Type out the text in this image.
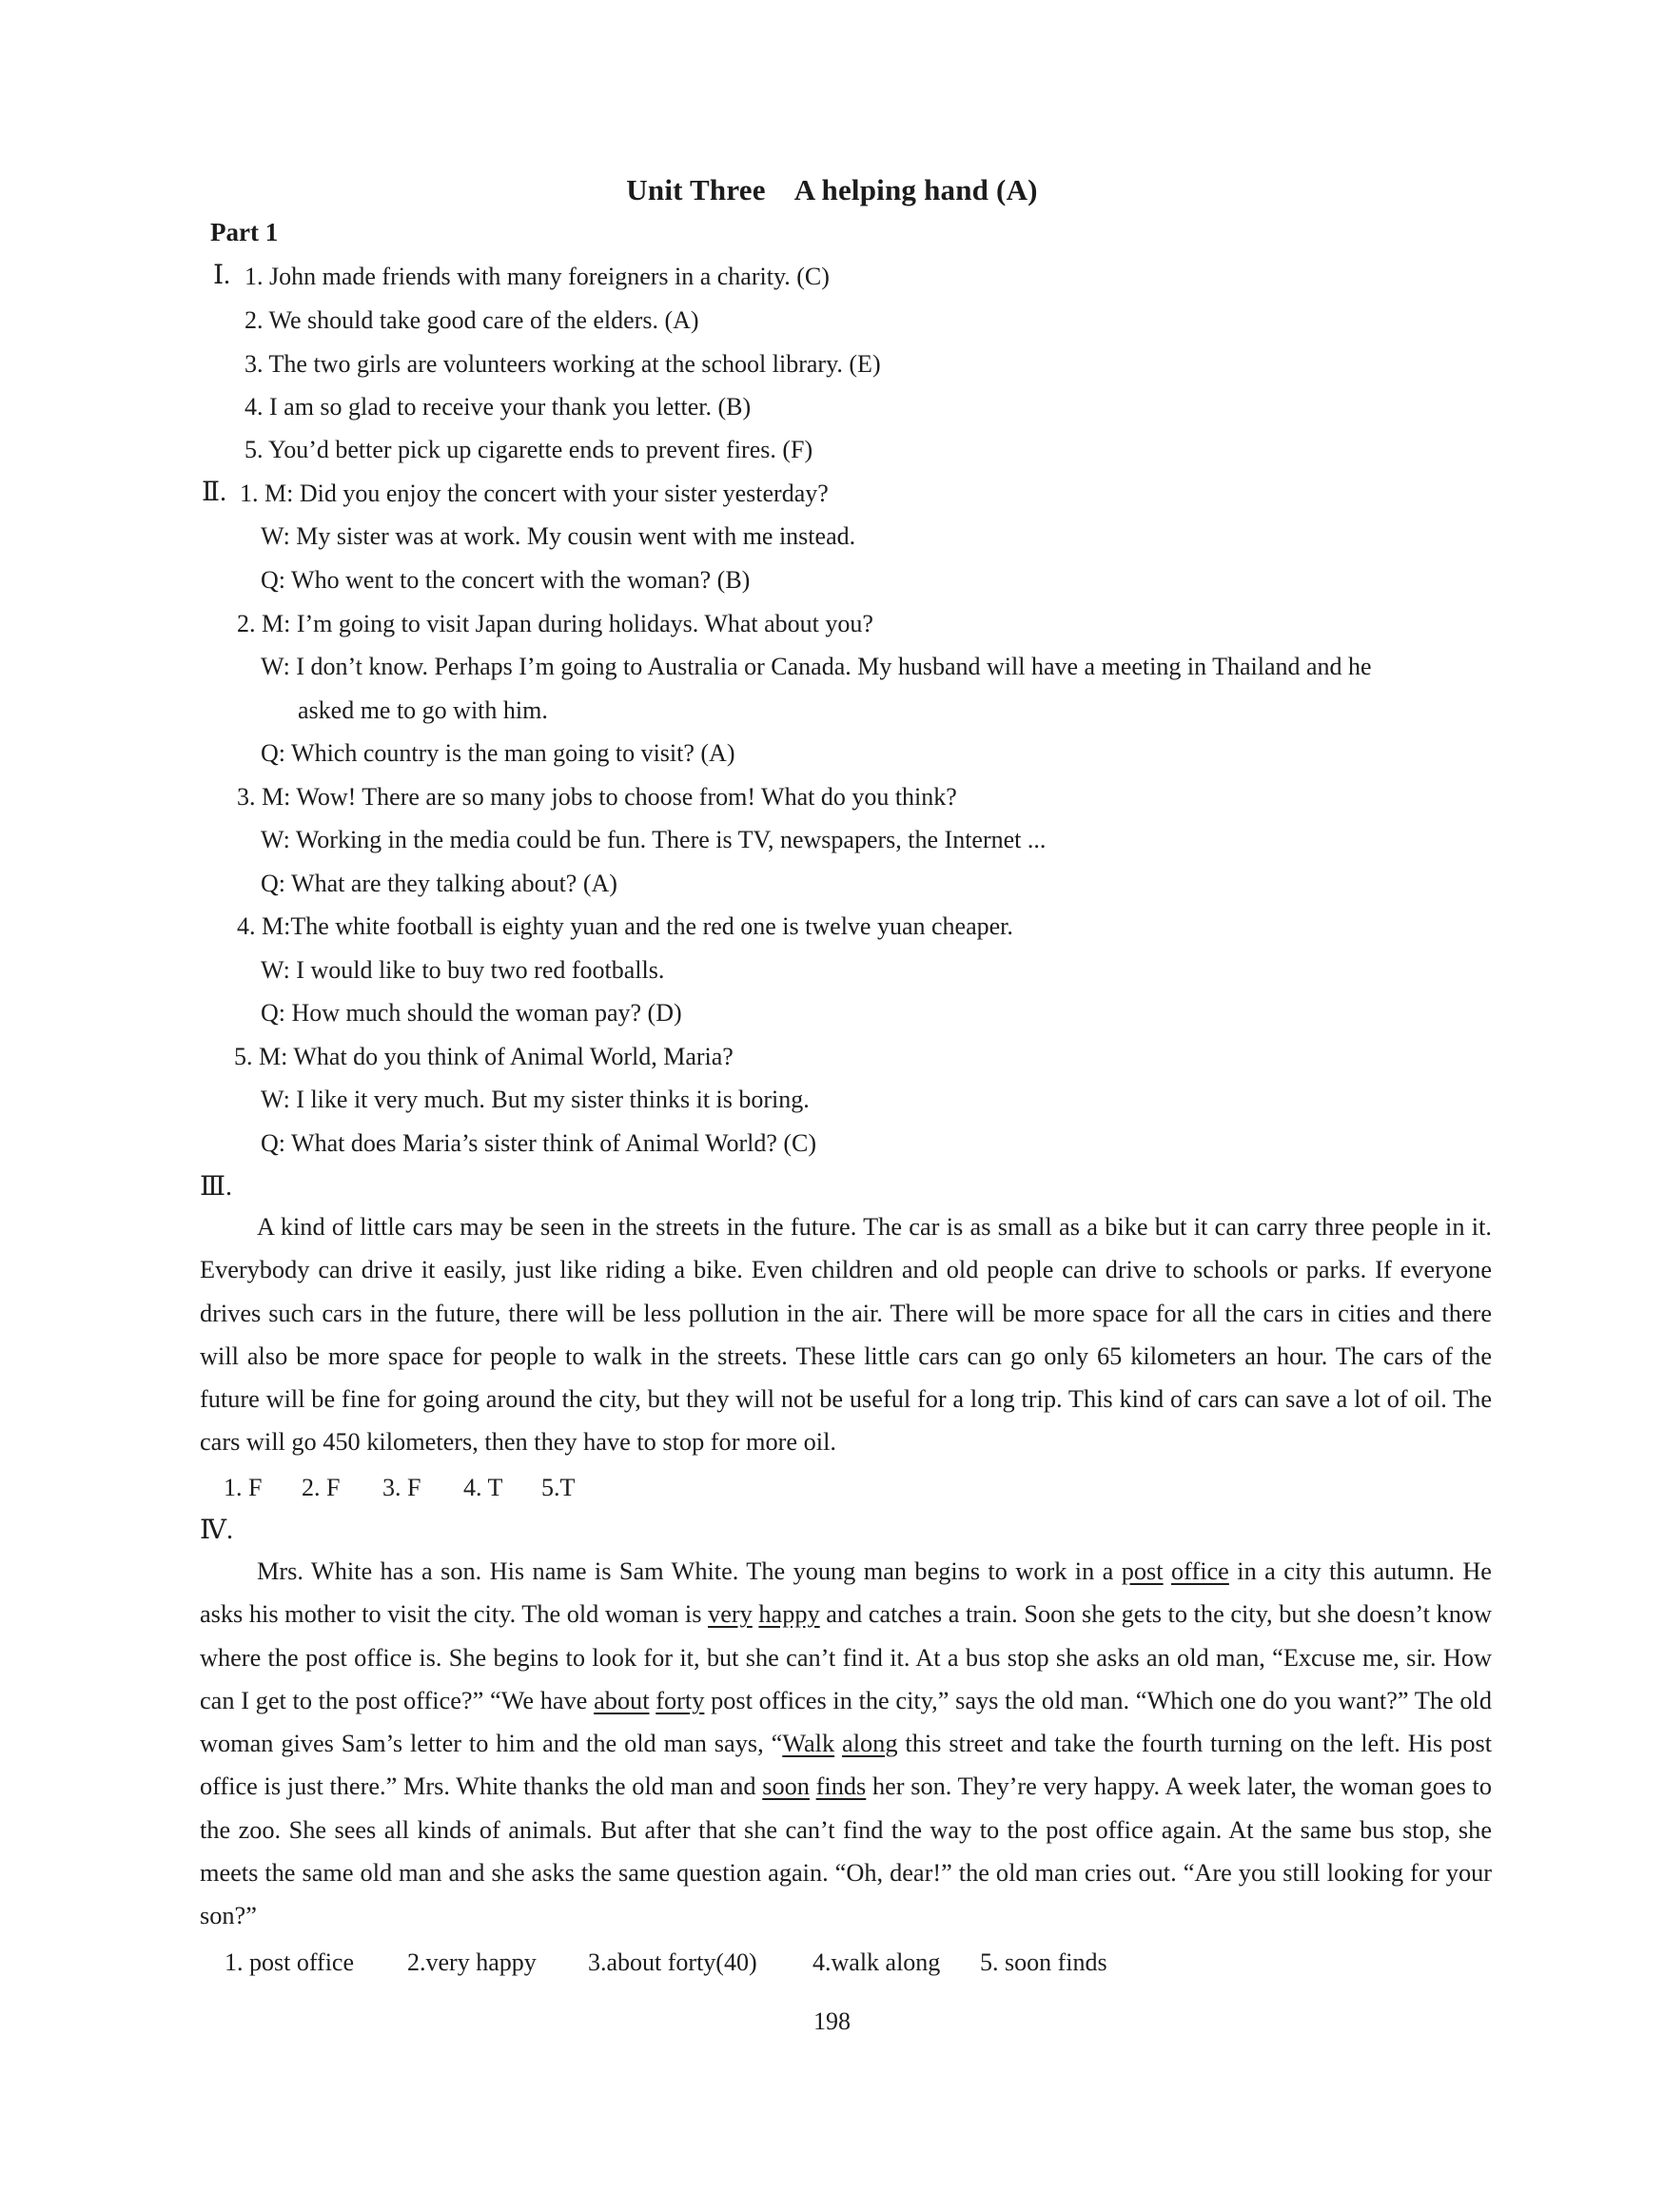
Unit Three A helping hand (A)
Part 1
Ⅰ. 1. John made friends with many foreigners in a charity. (C)
2. We should take good care of the elders. (A)
3. The two girls are volunteers working at the school library. (E)
4. I am so glad to receive your thank you letter. (B)
5. You’d better pick up cigarette ends to prevent fires. (F)
Ⅱ. 1. M: Did you enjoy the concert with your sister yesterday?
W: My sister was at work. My cousin went with me instead.
Q: Who went to the concert with the woman? (B)
2. M: I’m going to visit Japan during holidays. What about you?
W: I don’t know. Perhaps I’m going to Australia or Canada. My husband will have a meeting in Thailand and he
asked me to go with him.
Q: Which country is the man going to visit? (A)
3. M: Wow! There are so many jobs to choose from! What do you think?
W: Working in the media could be fun. There is TV, newspapers, the Internet ...
Q: What are they talking about? (A)
4. M:The white football is eighty yuan and the red one is twelve yuan cheaper.
W: I would like to buy two red footballs.
Q: How much should the woman pay? (D)
5. M: What do you think of Animal World, Maria?
W: I like it very much. But my sister thinks it is boring.
Q: What does Maria’s sister think of Animal World? (C)
Ⅲ.
A kind of little cars may be seen in the streets in the future. The car is as small as a bike but it can carry three people in it. Everybody can drive it easily, just like riding a bike. Even children and old people can drive to schools or parks. If everyone drives such cars in the future, there will be less pollution in the air. There will be more space for all the cars in cities and there will also be more space for people to walk in the streets. These little cars can go only 65 kilometers an hour. The cars of the future will be fine for going around the city, but they will not be useful for a long trip. This kind of cars can save a lot of oil. The cars will go 450 kilometers, then they have to stop for more oil.
1. F 2. F 3. F 4. T 5.T
Ⅳ.
Mrs. White has a son. His name is Sam White. The young man begins to work in a post office in a city this autumn. He asks his mother to visit the city. The old woman is very happy and catches a train. Soon she gets to the city, but she doesn’t know where the post office is. She begins to look for it, but she can’t find it. At a bus stop she asks an old man, “Excuse me, sir. How can I get to the post office?” “We have about forty post offices in the city,” says the old man. “Which one do you want?” The old woman gives Sam’s letter to him and the old man says, “Walk along this street and take the fourth turning on the left. His post office is just there.” Mrs. White thanks the old man and soon finds her son. They’re very happy. A week later, the woman goes to the zoo. She sees all kinds of animals. But after that she can’t find the way to the post office again. At the same bus stop, she meets the same old man and she asks the same question again. “Oh, dear!” the old man cries out. “Are you still looking for your son?”
1. post office 2.very happy 3.about forty(40) 4.walk along 5. soon finds
198
